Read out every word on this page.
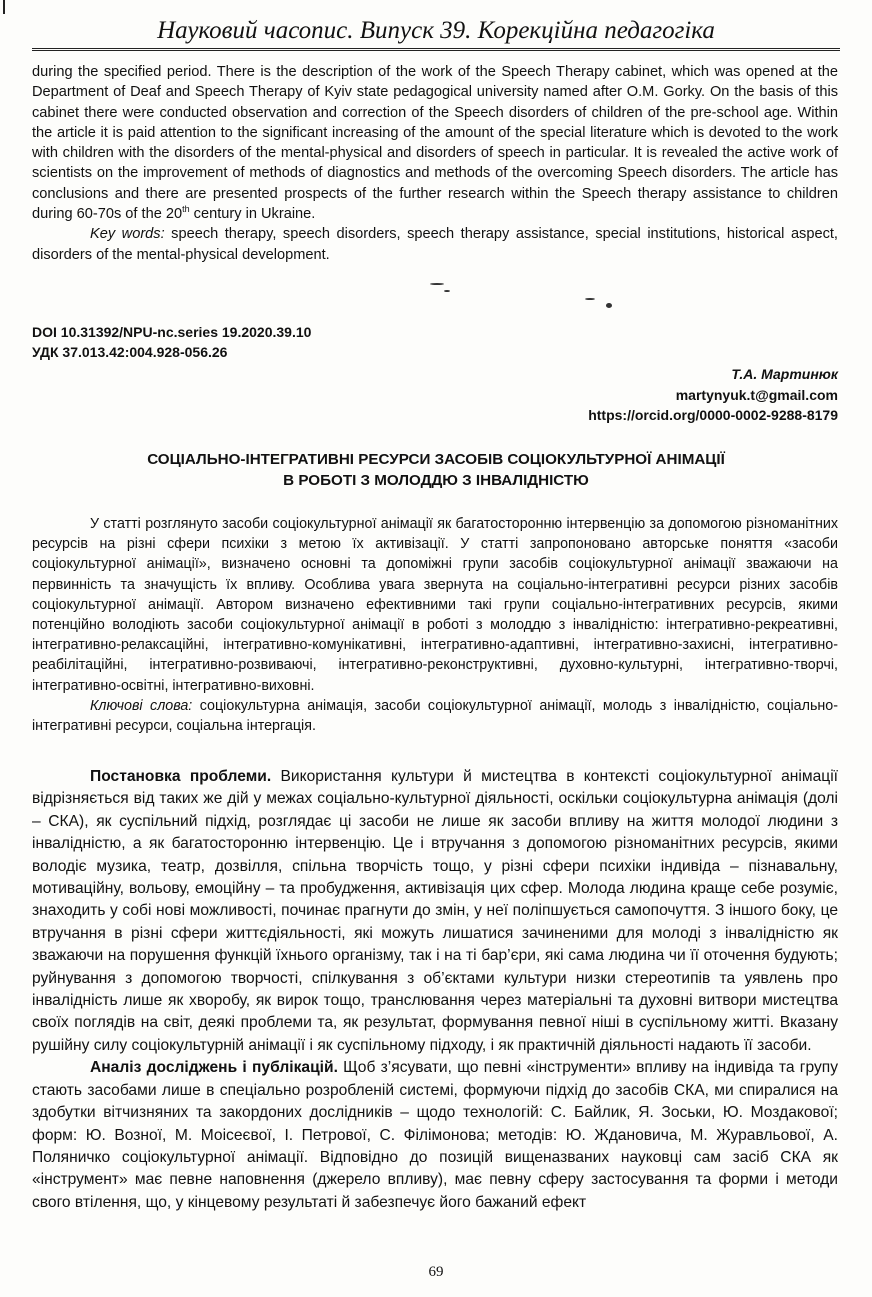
Науковий часопис. Випуск 39. Корекційна педагогіка
during the specified period. There is the description of the work of the Speech Therapy cabinet, which was opened at the Department of Deaf and Speech Therapy of Kyiv state pedagogical university named after O.M. Gorky. On the basis of this cabinet there were conducted observation and correction of the Speech disorders of children of the pre-school age. Within the article it is paid attention to the significant increasing of the amount of the special literature which is devoted to the work with children with the disorders of the mental-physical and disorders of speech in particular. It is revealed the active work of scientists on the improvement of methods of diagnostics and methods of the overcoming Speech disorders. The article has conclusions and there are presented prospects of the further research within the Speech therapy assistance to children during 60-70s of the 20th century in Ukraine.
Key words: speech therapy, speech disorders, speech therapy assistance, special institutions, historical aspect, disorders of the mental-physical development.
DOI 10.31392/NPU-nc.series 19.2020.39.10
УДК 37.013.42:004.928-056.26
Т.А. Мартинюк
martynyuk.t@gmail.com
https://orcid.org/0000-0002-9288-8179
СОЦІАЛЬНО-ІНТЕГРАТИВНІ РЕСУРСИ ЗАСОБІВ СОЦІОКУЛЬТУРНОЇ АНІМАЦІЇ
В РОБОТІ З МОЛОДДЮ З ІНВАЛІДНІСТЮ
У статті розглянуто засоби соціокультурної анімації як багатосторонню інтервенцію за допомогою різноманітних ресурсів на різні сфери психіки з метою їх активізації. У статті запропоновано авторське поняття «засоби соціокультурної анімації», визначено основні та допоміжні групи засобів соціокультурної анімації зважаючи на первинність та значущість їх впливу. Особлива увага звернута на соціально-інтегративні ресурси різних засобів соціокультурної анімації. Автором визначено ефективними такі групи соціально-інтегративних ресурсів, якими потенційно володіють засоби соціокультурної анімації в роботі з молоддю з інвалідністю: інтегративно-рекреативні, інтегративно-релаксаційні, інтегративно-комунікативні, інтегративно-адаптивні, інтегративно-захисні, інтегративно-реабілітаційні, інтегративно-розвиваючі, інтегративно-реконструктивні, духовно-культурні, інтегративно-творчі, інтегративно-освітні, інтегративно-виховні.
Ключові слова: соціокультурна анімація, засоби соціокультурної анімації, молодь з інвалідністю, соціально-інтегративні ресурси, соціальна інтергація.

Постановка проблеми. Використання культури й мистецтва в контексті соціокультурної анімації відрізняється від таких же дій у межах соціально-культурної діяльності, оскільки соціокультурна анімація (долі – СКА), як суспільний підхід, розглядає ці засоби не лише як засоби впливу на життя молодої людини з інвалідністю, а як багатосторонню інтервенцію. Це і втручання з допомогою різноманітних ресурсів, якими володіє музика, театр, дозвілля, спільна творчість тощо, у різні сфери психіки індивіда – пізнавальну, мотиваційну, вольову, емоційну – та пробудження, активізація цих сфер. Молода людина краще себе розуміє, знаходить у собі нові можливості, починає прагнути до змін, у неї поліпшується самопочуття. З іншого боку, це втручання в різні сфери життєдіяльності, які можуть лишатися зачиненими для молоді з інвалідністю як зважаючи на порушення функцій їхнього організму, так і на ті бар’єри, які сама людина чи її оточення будують; руйнування з допомогою творчості, спілкування з об’єктами культури низки стереотипів та уявлень про інвалідність лише як хворобу, як вирок тощо, транслювання через матеріальні та духовні витвори мистецтва своїх поглядів на світ, деякі проблеми та, як результат, формування певної ніші в суспільному житті. Вказану рушійну силу соціокультурній анімації і як суспільному підходу, і як практичній діяльності надають її засоби.

Аналіз досліджень і публікацій. Щоб з’ясувати, що певні «інструменти» впливу на індивіда та групу стають засобами лише в спеціально розробленій системі, формуючи підхід до засобів СКА, ми спиралися на здобутки вітчизняних та закордоних дослідників – щодо технологій: С. Байлик, Я. Зоськи, Ю. Моздакової; форм: Ю. Возної, М. Моісеєвої, І. Петрової, С. Філімонова; методів: Ю. Ждановича, М. Журавльової, А. Поляничко соціокультурної анімації. Відповідно до позицій вищеназваних науковці сам засіб СКА як «інструмент» має певне наповнення (джерело впливу), має певну сферу застосування та форми і методи свого втілення, що, у кінцевому результаті й забезпечує його бажаний ефект

69
